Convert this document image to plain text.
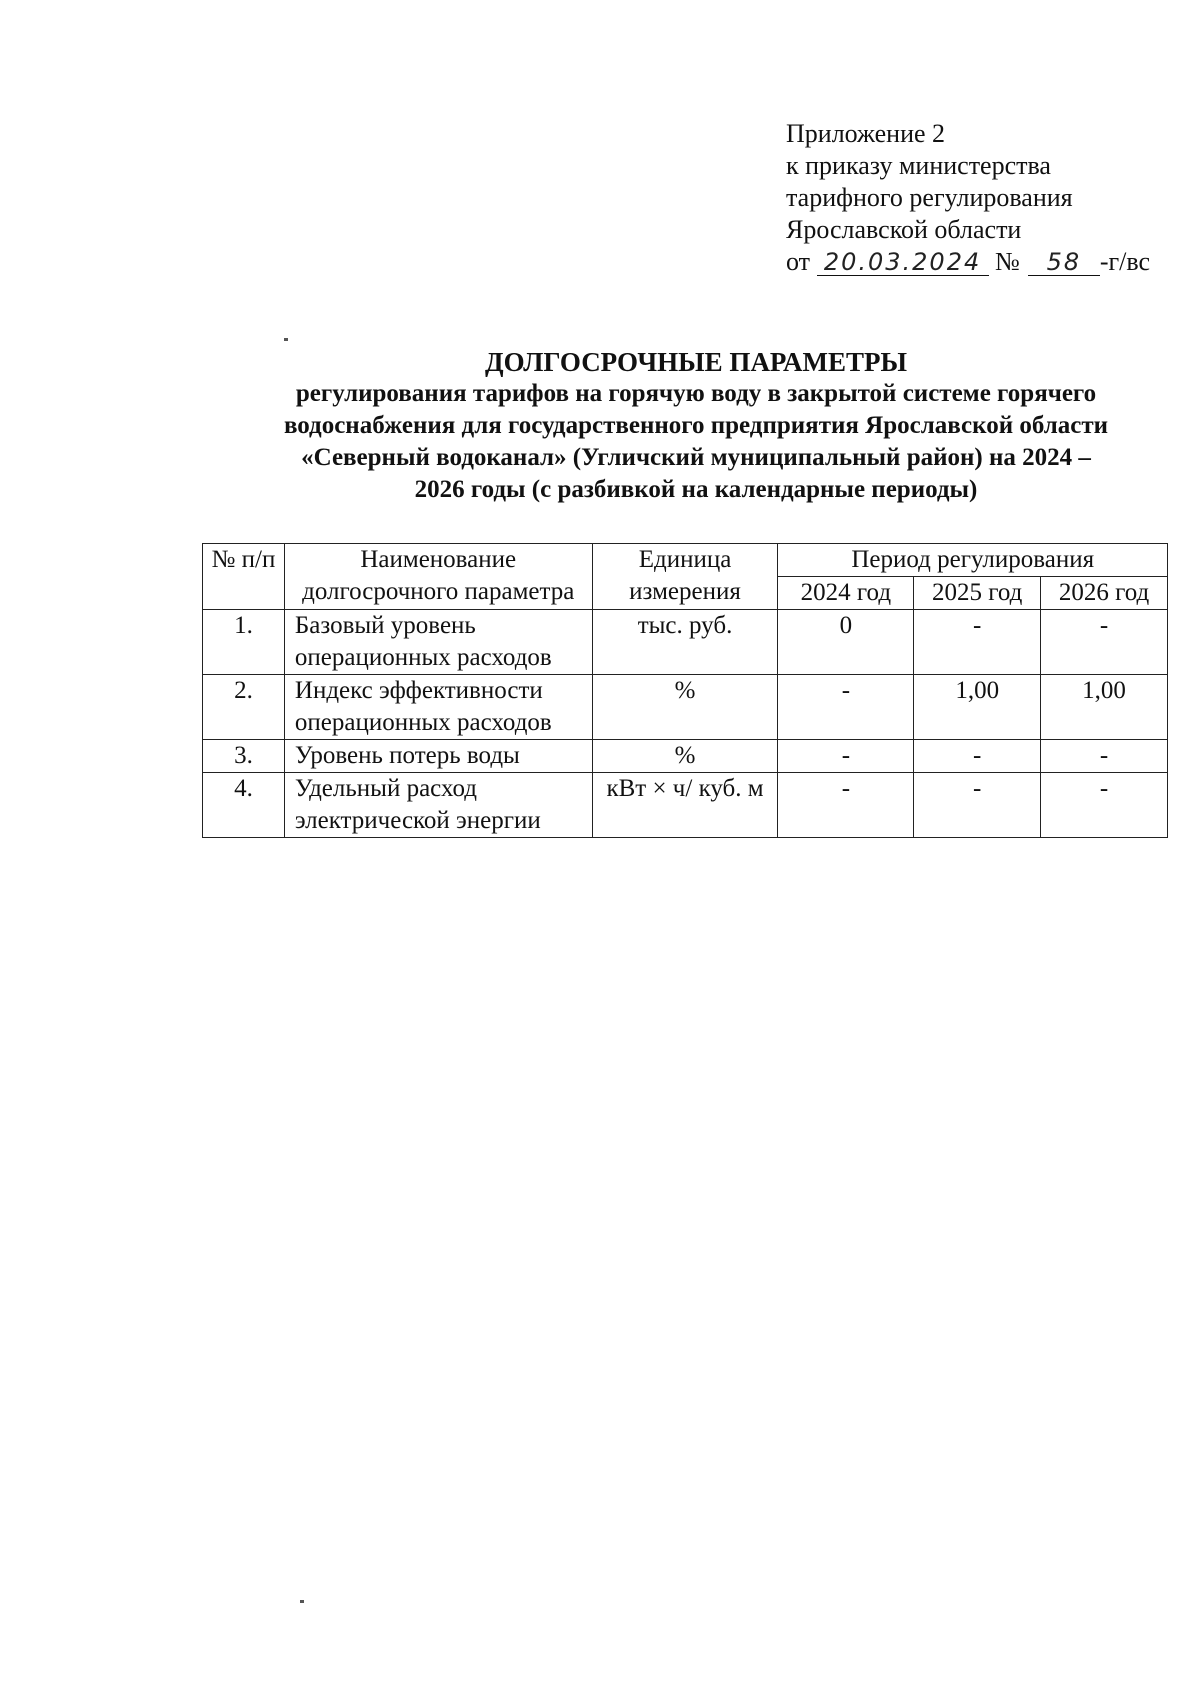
Приложение 2
к приказу министерства
тарифного регулирования
Ярославской области
от 20.03.2024 № 58 -г/вс
ДОЛГОСРОЧНЫЕ ПАРАМЕТРЫ
регулирования тарифов на горячую воду в закрытой системе горячего
водоснабжения для государственного предприятия Ярославской области
«Северный водоканал» (Угличский муниципальный район) на 2024 –
2026 годы (с разбивкой на календарные периоды)
№ п/п	Наименование долгосрочного параметра	Единица измерения	Период регулирования		
			2024 год	2025 год	2026 год
1.	Базовый уровень операционных расходов	тыс. руб.	0	-	-
2.	Индекс эффективности операционных расходов	%	-	1,00	1,00
3.	Уровень потерь воды	%	-	-	-
4.	Удельный расход электрической энергии	кВт × ч/ куб. м	-	-	-
